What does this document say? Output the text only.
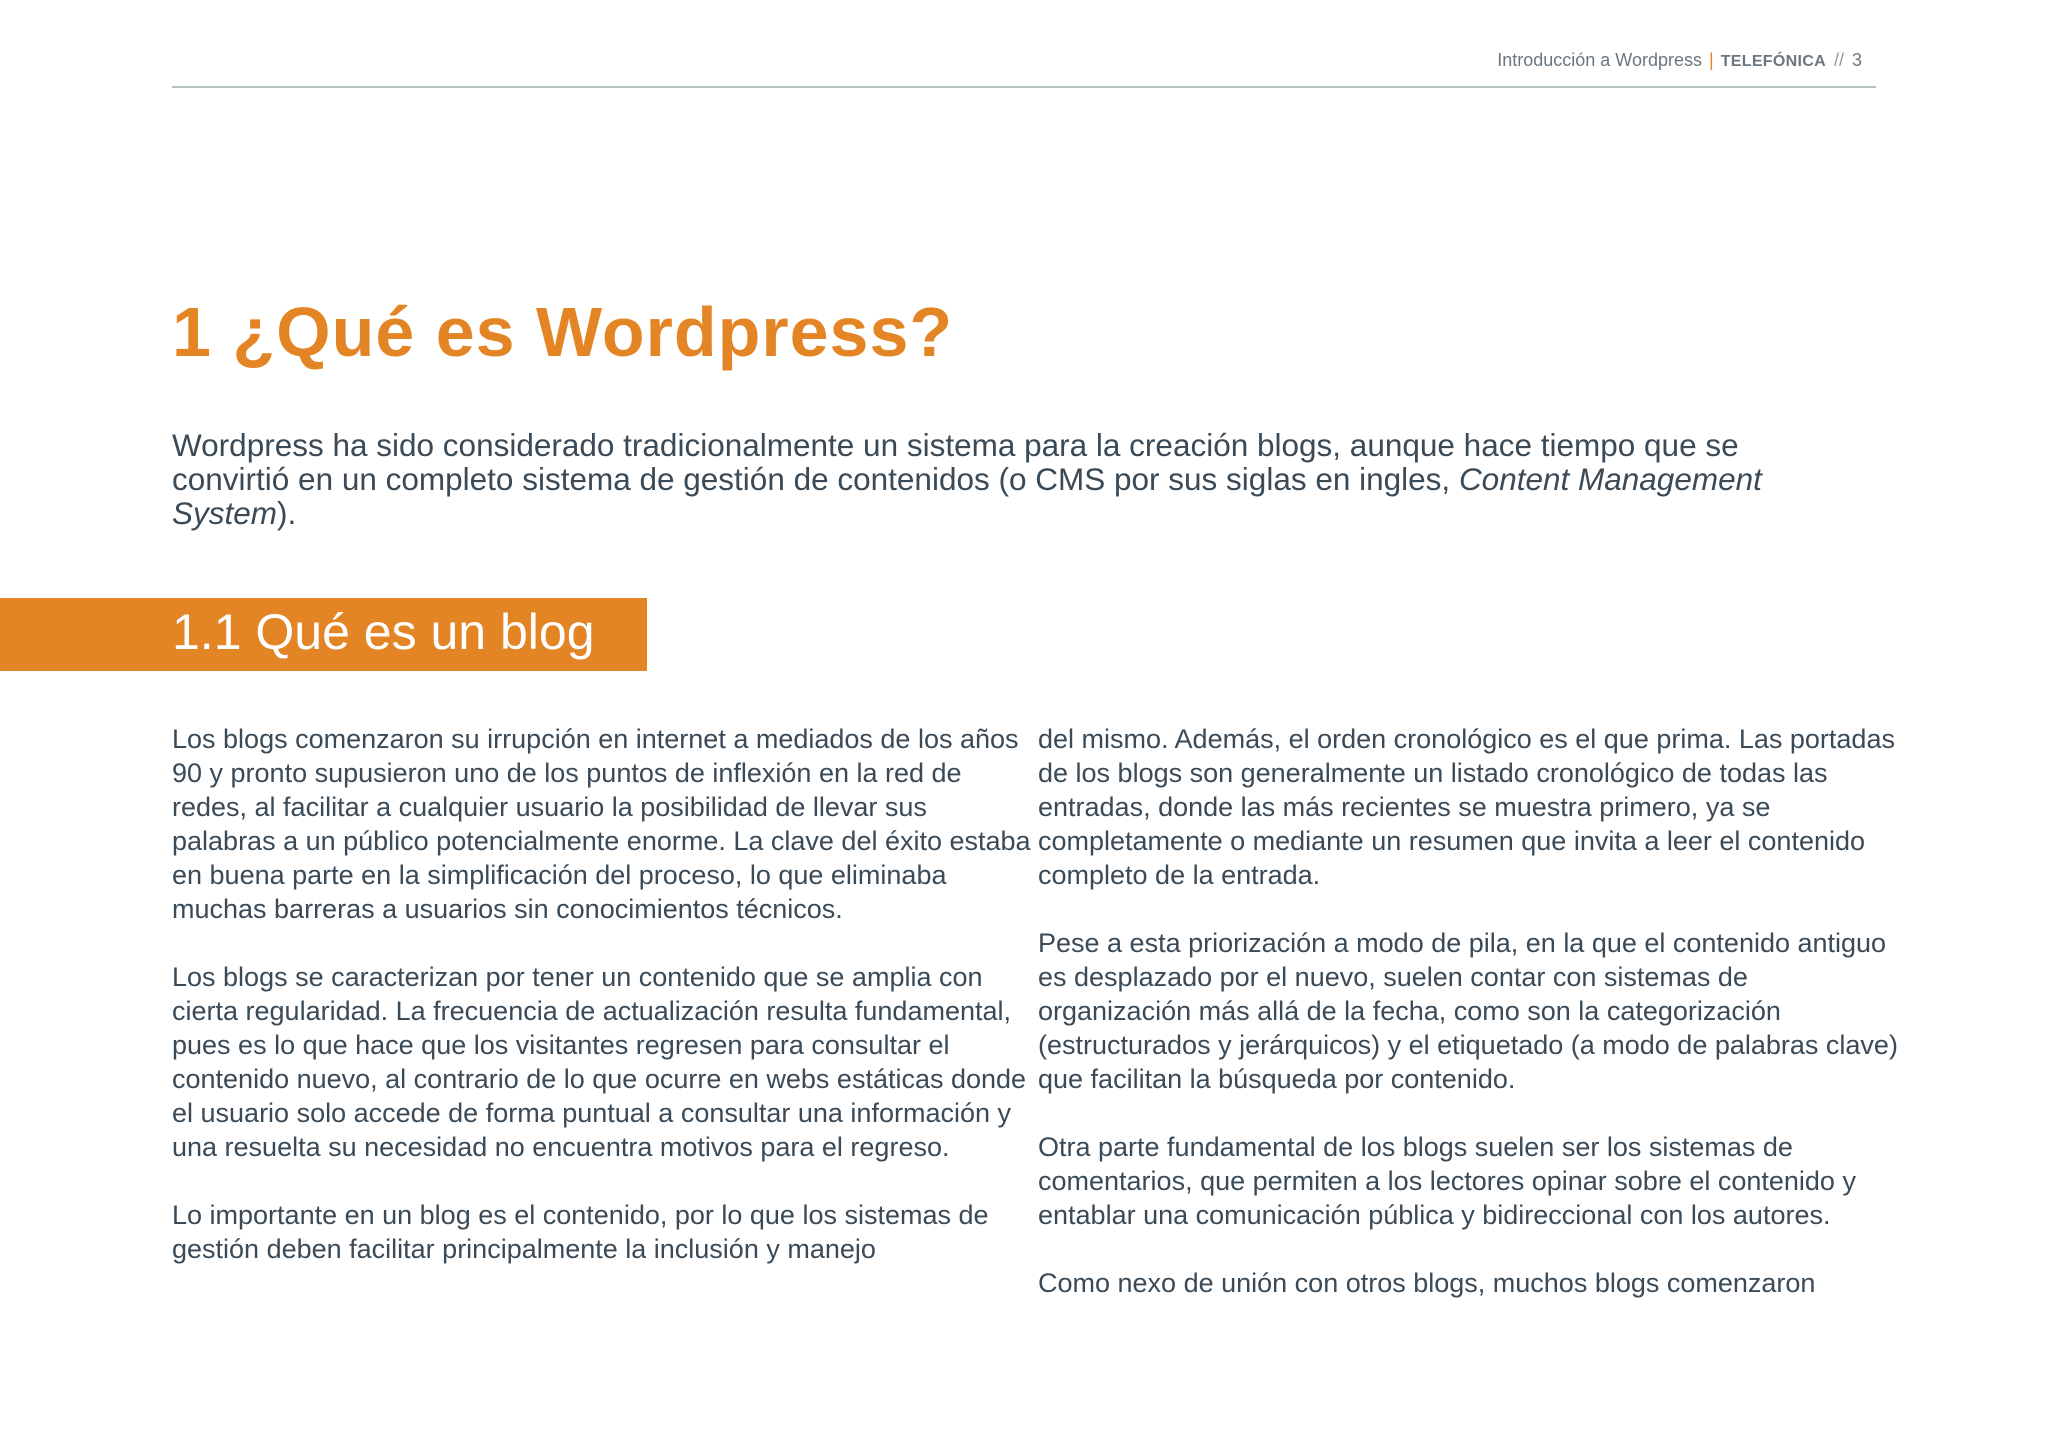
Introducción a Wordpress | TELEFÓNICA // 3
1 ¿Qué es Wordpress?

Wordpress ha sido considerado tradicionalmente un sistema para la creación blogs, aunque hace tiempo que se convirtió en un completo sistema de gestión de contenidos (o CMS por sus siglas en ingles, Content Management System).

1.1 Qué es un blog

Los blogs comenzaron su irrupción en internet a mediados de los años 90 y pronto supusieron uno de los puntos de inflexión en la red de redes, al facilitar a cualquier usuario la posibilidad de llevar sus palabras a un público potencialmente enorme. La clave del éxito estaba en buena parte en la simplificación del proceso, lo que eliminaba muchas barreras a usuarios sin conocimientos técnicos.

Los blogs se caracterizan por tener un contenido que se amplia con cierta regularidad. La frecuencia de actualización resulta fundamental, pues es lo que hace que los visitantes regresen para consultar el contenido nuevo, al contrario de lo que ocurre en webs estáticas donde el usuario solo accede de forma puntual a consultar una información y una resuelta su necesidad no encuentra motivos para el regreso.

Lo importante en un blog es el contenido, por lo que los sistemas de gestión deben facilitar principalmente la inclusión y manejo

del mismo. Además, el orden cronológico es el que prima. Las portadas de los blogs son generalmente un listado cronológico de todas las entradas, donde las más recientes se muestra primero, ya se completamente o mediante un resumen que invita a leer el contenido completo de la entrada.

Pese a esta priorización a modo de pila, en la que el contenido antiguo es desplazado por el nuevo, suelen contar con sistemas de organización más allá de la fecha, como son la categorización (estructurados y jerárquicos) y el etiquetado (a modo de palabras clave) que facilitan la búsqueda por contenido.

Otra parte fundamental de los blogs suelen ser los sistemas de comentarios, que permiten a los lectores opinar sobre el contenido y entablar una comunicación pública y bidireccional con los autores.

Como nexo de unión con otros blogs, muchos blogs comenzaron
